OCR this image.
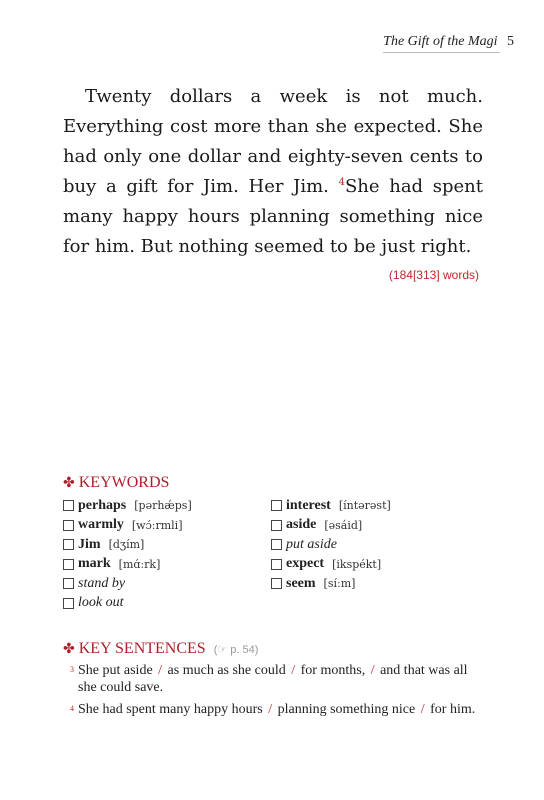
The Gift of the Magi 5
Twenty dollars a week is not much. Everything cost more than she expected. She had only one dollar and eighty-seven cents to buy a gift for Jim. Her Jim. $^4$She had spent many happy hours planning something nice for him. But nothing seemed to be just right.
(184[313] words)
✤ KEYWORDS
perhaps [pərhǽps]
warmly [wɔ́ːrmli]
Jim [dʒím]
mark [mɑ́ːrk]
stand by
look out
interest [íntərəst]
aside [əsáid]
put aside
expect [ikspékt]
seem [síːm]
✤ KEY SENTENCES (☞ p. 54)
3 She put aside / as much as she could / for months, / and that was all she could save.
4 She had spent many happy hours / planning something nice / for him.
